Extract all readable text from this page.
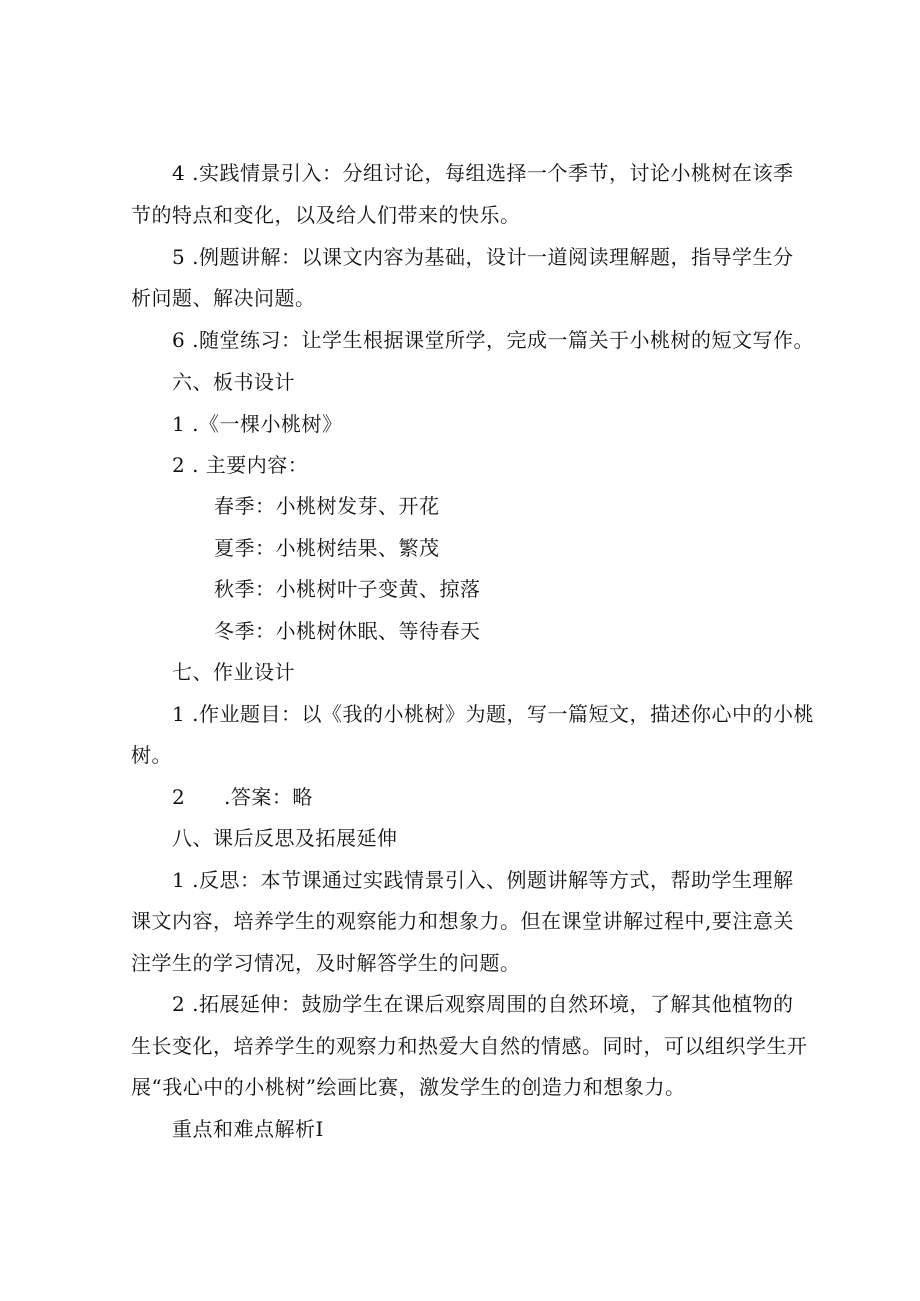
4 .实践情景引入：分组讨论，每组选择一个季节，讨论小桃树在该季
节的特点和变化，以及给人们带来的快乐。
5 .例题讲解：以课文内容为基础，设计一道阅读理解题，指导学生分
析问题、解决问题。
6 .随堂练习：让学生根据课堂所学，完成一篇关于小桃树的短文写作。
六、板书设计
1 .《一棵小桃树》
2 . 主要内容：
春季：小桃树发芽、开花
夏季：小桃树结果、繁茂
秋季：小桃树叶子变黄、掠落
冬季：小桃树休眠、等待春天
七、作业设计
1 .作业题目：以《我的小桃树》为题，写一篇短文，描述你心中的小桃
树。
2 .答案：略
八、课后反思及拓展延伸
1 .反思：本节课通过实践情景引入、例题讲解等方式，帮助学生理解
课文内容，培养学生的观察能力和想象力。但在课堂讲解过程中,要注意关
注学生的学习情况，及时解答学生的问题。
2 .拓展延伸：鼓励学生在课后观察周围的自然环境，了解其他植物的
生长变化，培养学生的观察力和热爱大自然的情感。同时，可以组织学生开
展“我心中的小桃树”绘画比赛，激发学生的创造力和想象力。
重点和难点解析I
